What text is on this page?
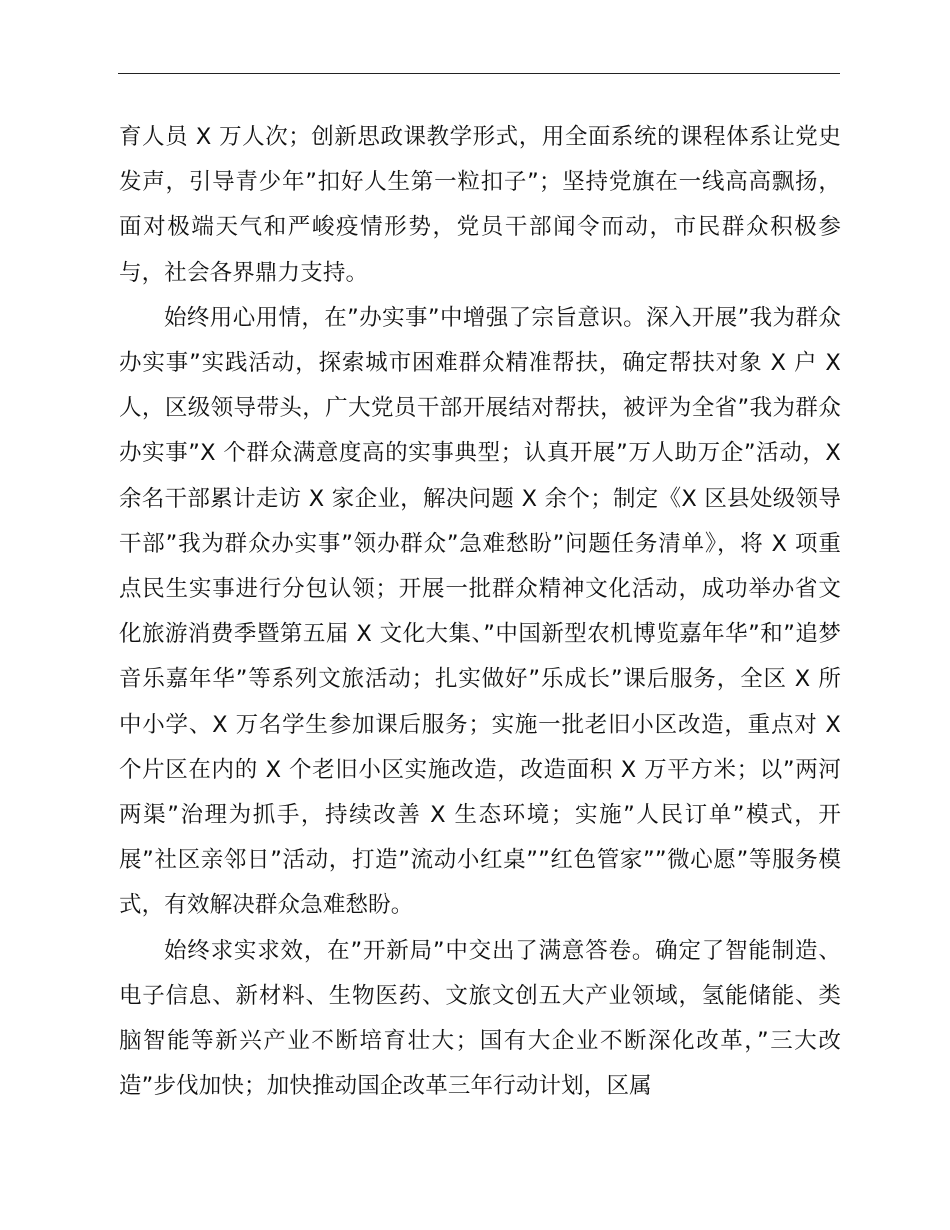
育人员 X 万人次；创新思政课教学形式，用全面系统的课程体系让党史发声，引导青少年”扣好人生第一粒扣子”；坚持党旗在一线高高飘扬，面对极端天气和严峻疫情形势，党员干部闻令而动，市民群众积极参与，社会各界鼎力支持。

始终用心用情，在”办实事”中增强了宗旨意识。深入开展”我为群众办实事”实践活动，探索城市困难群众精准帮扶，确定帮扶对象 X 户 X 人，区级领导带头，广大党员干部开展结对帮扶，被评为全省”我为群众办实事”X 个群众满意度高的实事典型；认真开展”万人助万企”活动，X 余名干部累计走访 X 家企业，解决问题 X 余个；制定《X 区县处级领导干部”我为群众办实事”领办群众”急难愁盼”问题任务清单》，将 X 项重点民生实事进行分包认领；开展一批群众精神文化活动，成功举办省文化旅游消费季暨第五届 X 文化大集、”中国新型农机博览嘉年华”和”追梦音乐嘉年华”等系列文旅活动；扎实做好”乐成长”课后服务，全区 X 所中小学、X 万名学生参加课后服务；实施一批老旧小区改造，重点对 X 个片区在内的 X 个老旧小区实施改造，改造面积 X 万平方米；以”两河两渠”治理为抓手，持续改善 X 生态环境；实施”人民订单”模式，开展”社区亲邻日”活动，打造”流动小红桌””红色管家””微心愿”等服务模式，有效解决群众急难愁盼。

始终求实求效，在”开新局”中交出了满意答卷。确定了智能制造、电子信息、新材料、生物医药、文旅文创五大产业领域，氢能储能、类脑智能等新兴产业不断培育壮大；国有大企业不断深化改革，”三大改造”步伐加快；加快推动国企改革三年行动计划，区属
